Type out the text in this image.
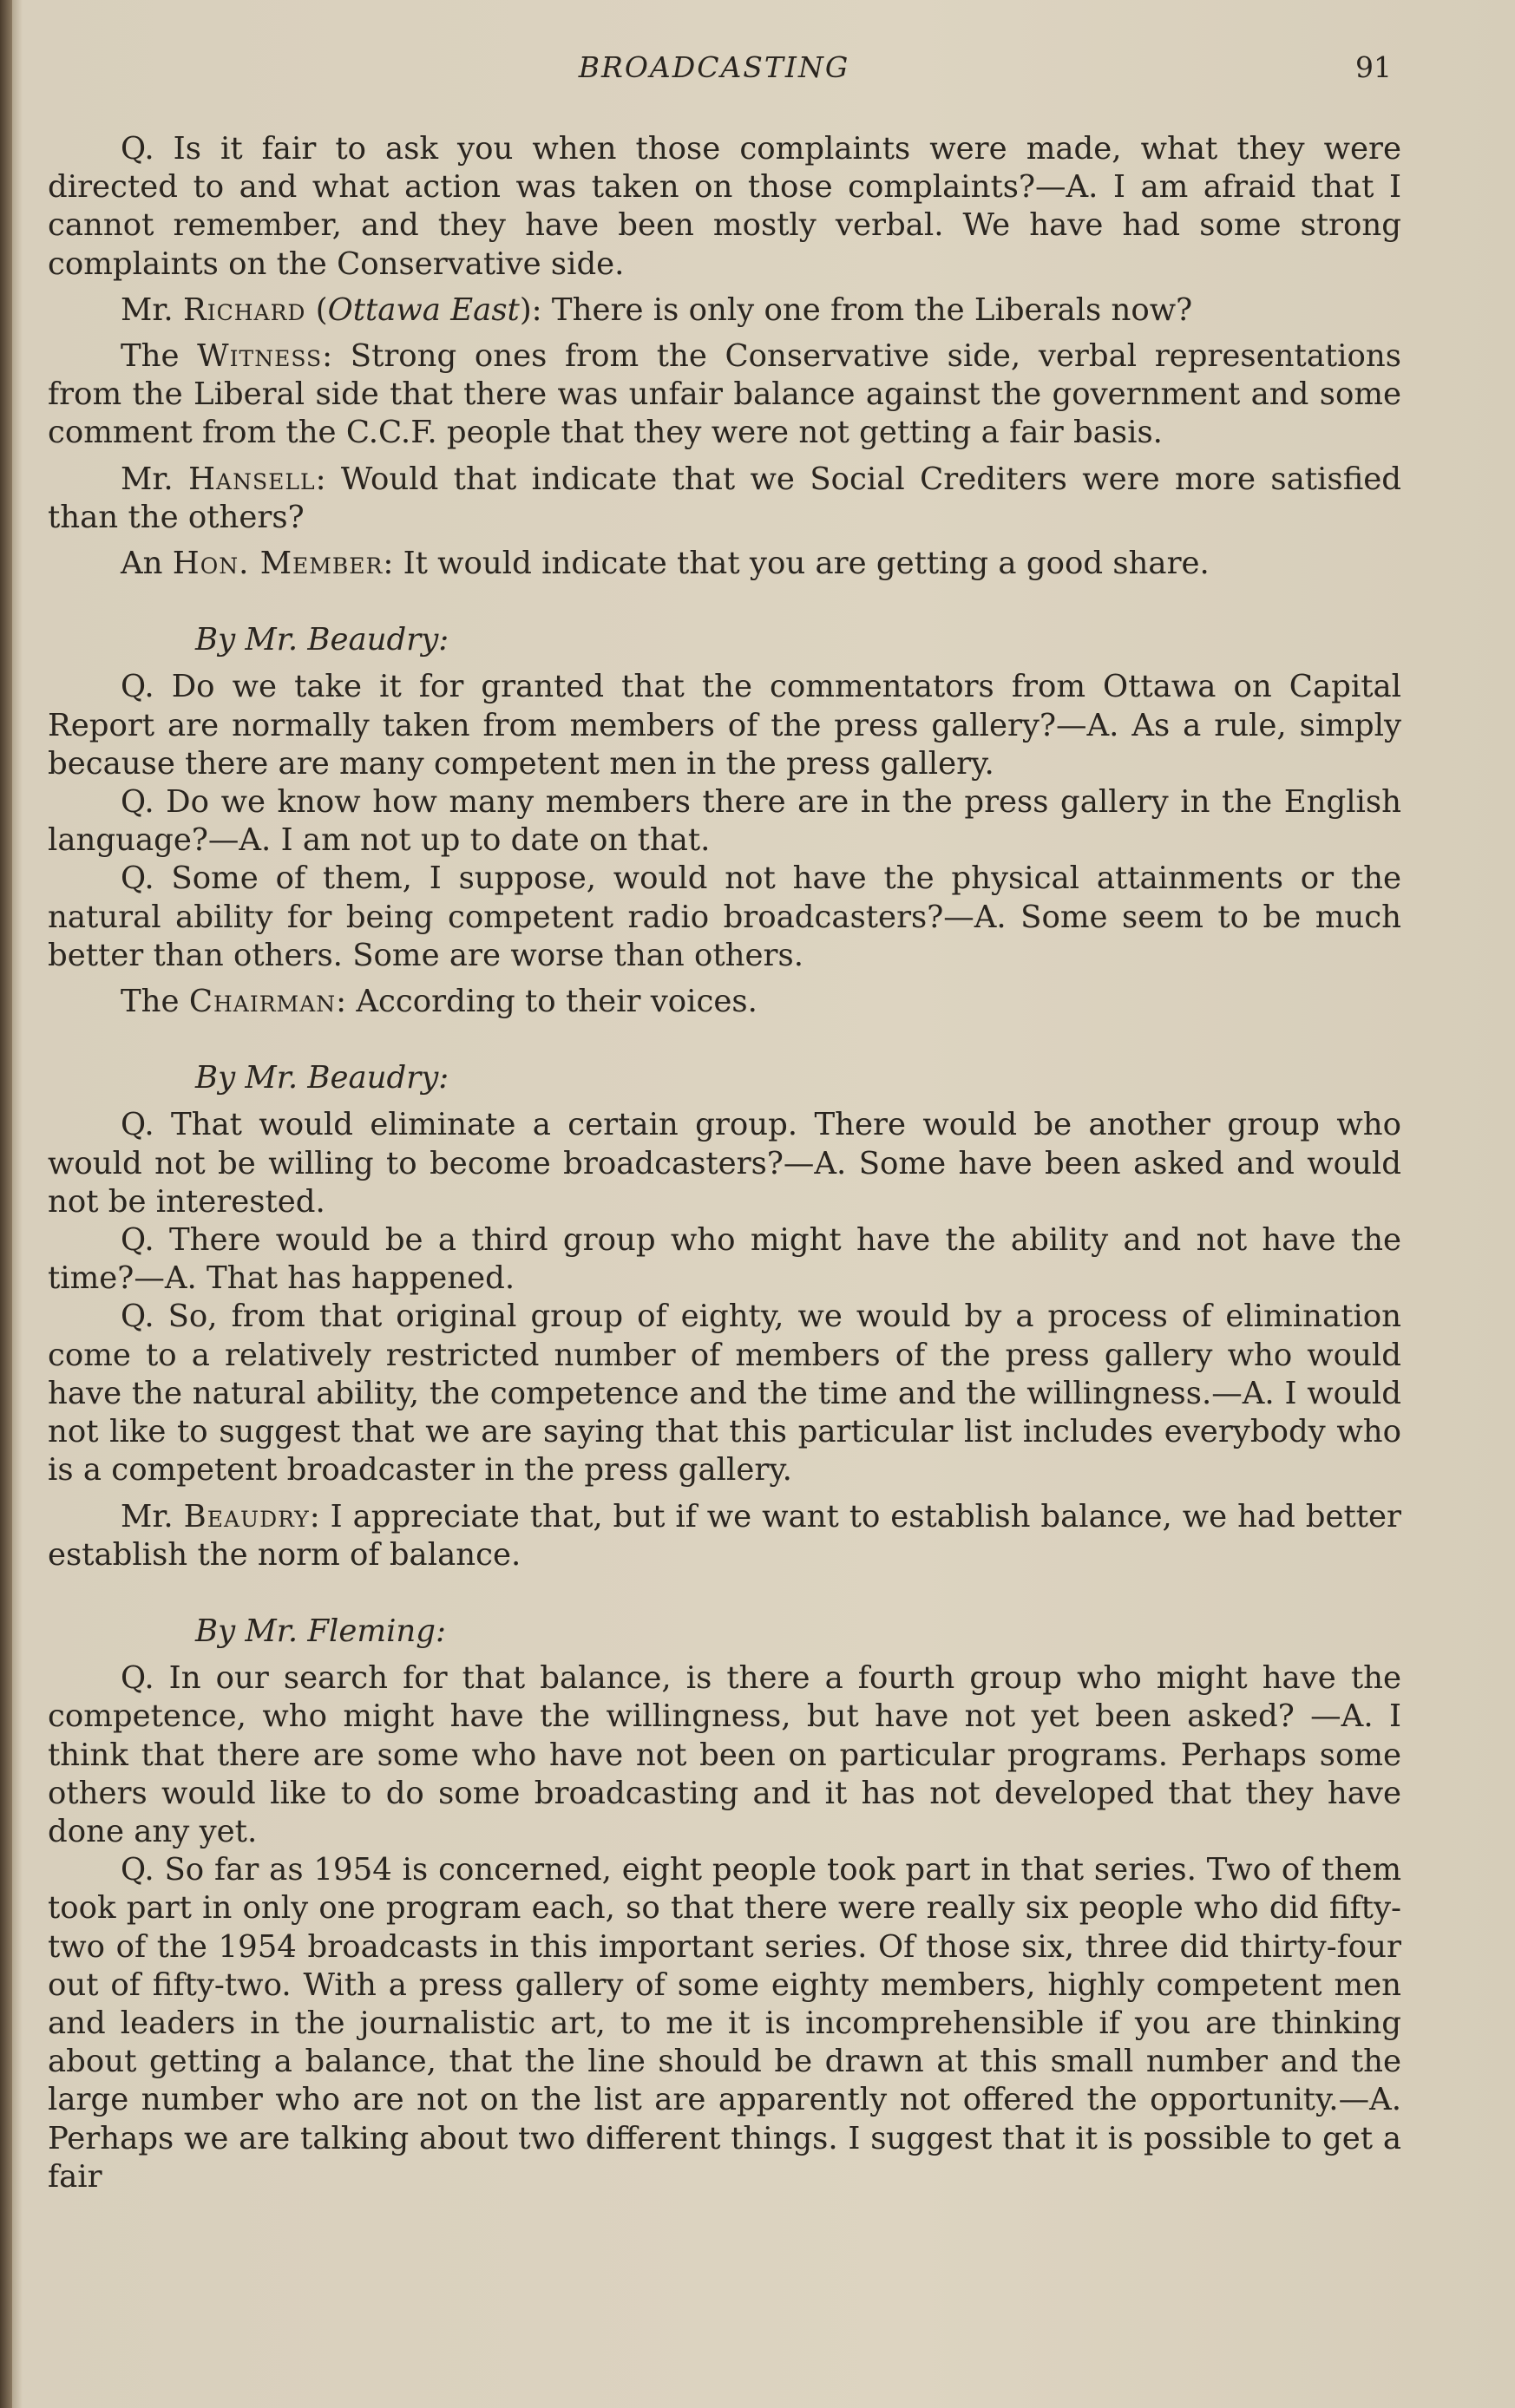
BROADCASTING	91
Q. Is it fair to ask you when those complaints were made, what they were directed to and what action was taken on those complaints?—A. I am afraid that I cannot remember, and they have been mostly verbal. We have had some strong complaints on the Conservative side.
Mr. Richard (Ottawa East): There is only one from the Liberals now?
The Witness: Strong ones from the Conservative side, verbal representations from the Liberal side that there was unfair balance against the government and some comment from the C.C.F. people that they were not getting a fair basis.
Mr. Hansell: Would that indicate that we Social Crediters were more satisfied than the others?
An Hon. Member: It would indicate that you are getting a good share.
By Mr. Beaudry:
Q. Do we take it for granted that the commentators from Ottawa on Capital Report are normally taken from members of the press gallery?—A. As a rule, simply because there are many competent men in the press gallery.
Q. Do we know how many members there are in the press gallery in the English language?—A. I am not up to date on that.
Q. Some of them, I suppose, would not have the physical attainments or the natural ability for being competent radio broadcasters?—A. Some seem to be much better than others. Some are worse than others.
The Chairman: According to their voices.
By Mr. Beaudry:
Q. That would eliminate a certain group. There would be another group who would not be willing to become broadcasters?—A. Some have been asked and would not be interested.
Q. There would be a third group who might have the ability and not have the time?—A. That has happened.
Q. So, from that original group of eighty, we would by a process of elimination come to a relatively restricted number of members of the press gallery who would have the natural ability, the competence and the time and the willingness.—A. I would not like to suggest that we are saying that this particular list includes everybody who is a competent broadcaster in the press gallery.
Mr. Beaudry: I appreciate that, but if we want to establish balance, we had better establish the norm of balance.
By Mr. Fleming:
Q. In our search for that balance, is there a fourth group who might have the competence, who might have the willingness, but have not yet been asked? —A. I think that there are some who have not been on particular programs. Perhaps some others would like to do some broadcasting and it has not developed that they have done any yet.
Q. So far as 1954 is concerned, eight people took part in that series. Two of them took part in only one program each, so that there were really six people who did fifty-two of the 1954 broadcasts in this important series. Of those six, three did thirty-four out of fifty-two. With a press gallery of some eighty members, highly competent men and leaders in the journalistic art, to me it is incomprehensible if you are thinking about getting a balance, that the line should be drawn at this small number and the large number who are not on the list are apparently not offered the opportunity.—A. Perhaps we are talking about two different things. I suggest that it is possible to get a fair
